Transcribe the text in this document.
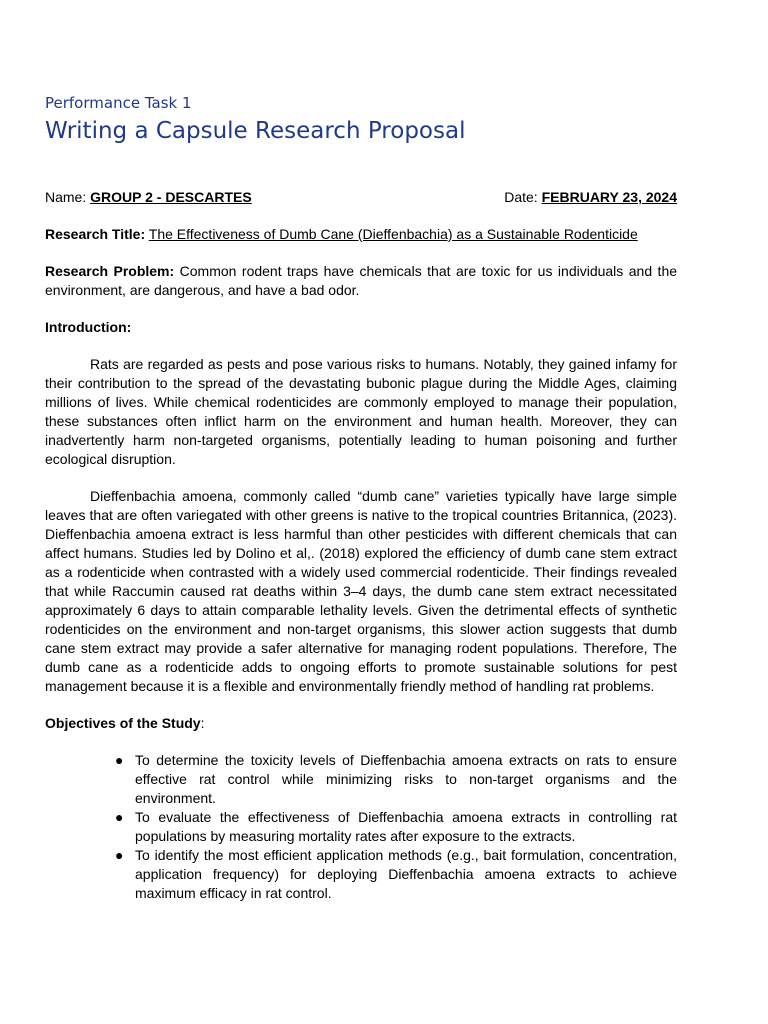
Performance Task 1
Writing a Capsule Research Proposal
Name: GROUP 2 - DESCARTES	Date: FEBRUARY 23, 2024

Research Title: The Effectiveness of Dumb Cane (Dieffenbachia) as a Sustainable Rodenticide

Research Problem: Common rodent traps have chemicals that are toxic for us individuals and the environment, are dangerous, and have a bad odor.

Introduction:

Rats are regarded as pests and pose various risks to humans. Notably, they gained infamy for their contribution to the spread of the devastating bubonic plague during the Middle Ages, claiming millions of lives. While chemical rodenticides are commonly employed to manage their population, these substances often inflict harm on the environment and human health. Moreover, they can inadvertently harm non-targeted organisms, potentially leading to human poisoning and further ecological disruption.

Dieffenbachia amoena, commonly called “dumb cane” varieties typically have large simple leaves that are often variegated with other greens is native to the tropical countries Britannica, (2023). Dieffenbachia amoena extract is less harmful than other pesticides with different chemicals that can affect humans. Studies led by Dolino et al,. (2018) explored the efficiency of dumb cane stem extract as a rodenticide when contrasted with a widely used commercial rodenticide. Their findings revealed that while Raccumin caused rat deaths within 3–4 days, the dumb cane stem extract necessitated approximately 6 days to attain comparable lethality levels. Given the detrimental effects of synthetic rodenticides on the environment and non-target organisms, this slower action suggests that dumb cane stem extract may provide a safer alternative for managing rodent populations. Therefore, The dumb cane as a rodenticide adds to ongoing efforts to promote sustainable solutions for pest management because it is a flexible and environmentally friendly method of handling rat problems.

Objectives of the Study:

● To determine the toxicity levels of Dieffenbachia amoena extracts on rats to ensure effective rat control while minimizing risks to non-target organisms and the environment.
● To evaluate the effectiveness of Dieffenbachia amoena extracts in controlling rat populations by measuring mortality rates after exposure to the extracts.
● To identify the most efficient application methods (e.g., bait formulation, concentration, application frequency) for deploying Dieffenbachia amoena extracts to achieve maximum efficacy in rat control.
